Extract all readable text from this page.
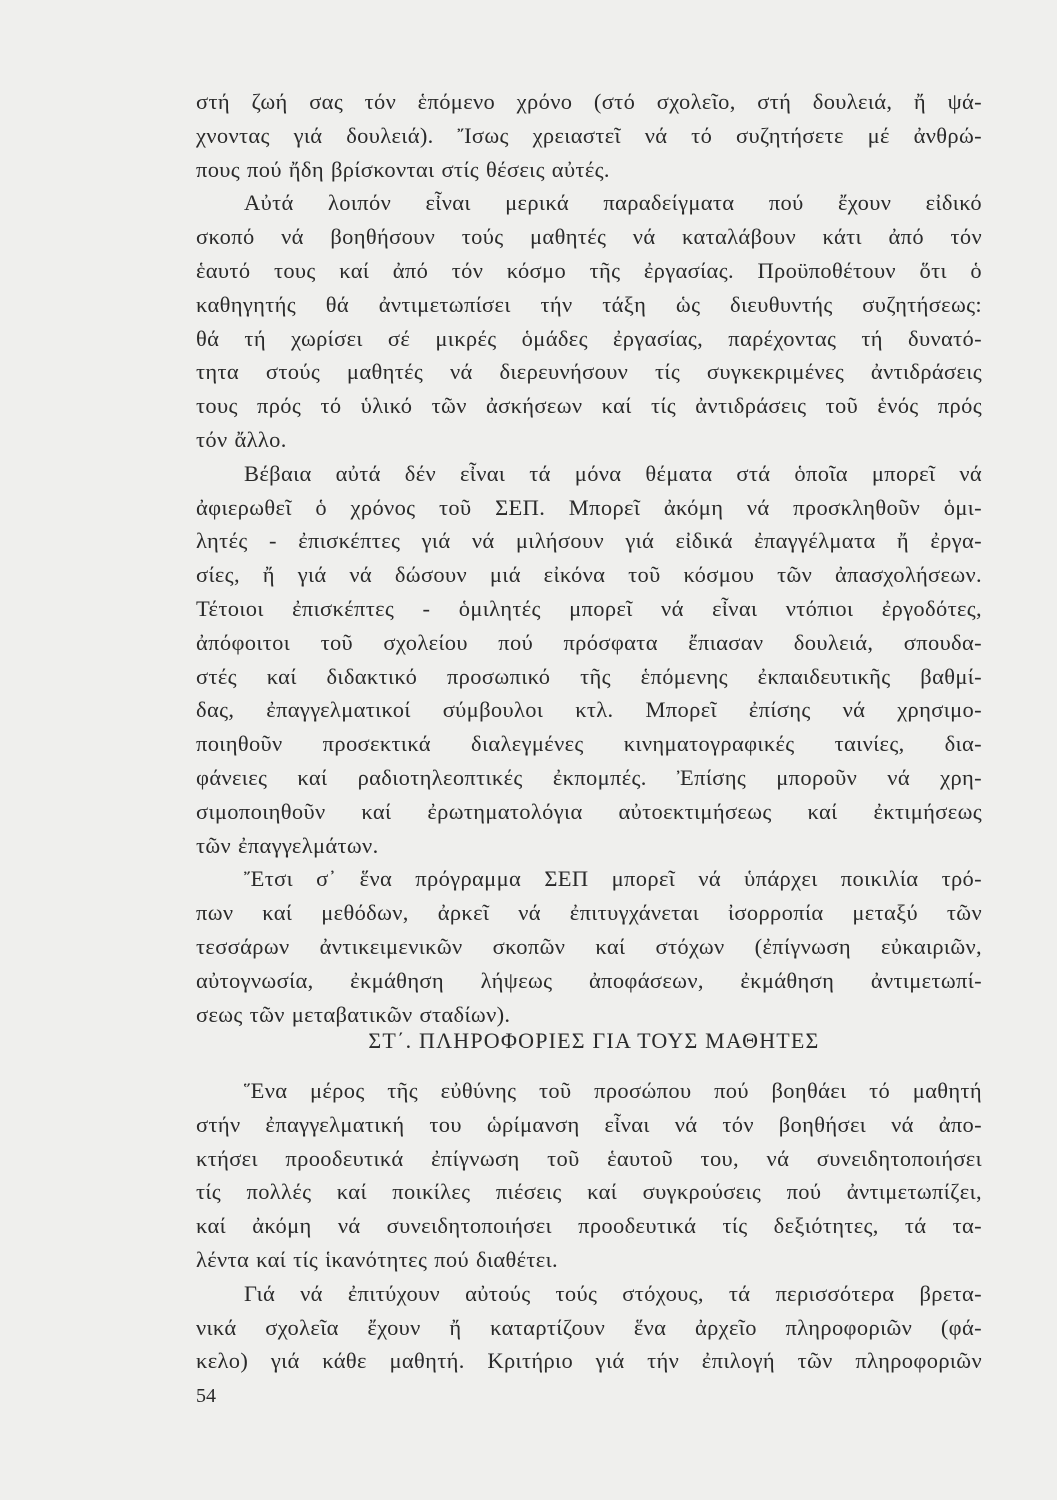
στή ζωή σας τόν ἑπόμενο χρόνο (στό σχολεῖο, στή δουλειά, ἤ ψά-
χνοντας γιά δουλειά). Ἴσως χρειαστεῖ νά τό συζητήσετε μέ ἀνθρώ-
πους πού ἤδη βρίσκονται στίς θέσεις αὐτές.
Αὐτά λοιπόν εἶναι μερικά παραδείγματα πού ἔχουν εἰδικό
σκοπό νά βοηθήσουν τούς μαθητές νά καταλάβουν κάτι ἀπό τόν
ἑαυτό τους καί ἀπό τόν κόσμο τῆς ἐργασίας. Προϋποθέτουν ὅτι ὁ
καθηγητής θά ἀντιμετωπίσει τήν τάξη ὡς διευθυντής συζητήσεως:
θά τή χωρίσει σέ μικρές ὁμάδες ἐργασίας, παρέχοντας τή δυνατό-
τητα στούς μαθητές νά διερευνήσουν τίς συγκεκριμένες ἀντιδράσεις
τους πρός τό ὑλικό τῶν ἀσκήσεων καί τίς ἀντιδράσεις τοῦ ἑνός πρός
τόν ἄλλο.
Βέβαια αὐτά δέν εἶναι τά μόνα θέματα στά ὁποῖα μπορεῖ νά
ἀφιερωθεῖ ὁ χρόνος τοῦ ΣΕΠ. Μπορεῖ ἀκόμη νά προσκληθοῦν ὁμι-
λητές - ἐπισκέπτες γιά νά μιλήσουν γιά εἰδικά ἐπαγγέλματα ἤ ἐργα-
σίες, ἤ γιά νά δώσουν μιά εἰκόνα τοῦ κόσμου τῶν ἀπασχολήσεων.
Τέτοιοι ἐπισκέπτες - ὁμιλητές μπορεῖ νά εἶναι ντόπιοι ἐργοδότες,
ἀπόφοιτοι τοῦ σχολείου πού πρόσφατα ἔπιασαν δουλειά, σπουδα-
στές καί διδακτικό προσωπικό τῆς ἑπόμενης ἐκπαιδευτικῆς βαθμί-
δας, ἐπαγγελματικοί σύμβουλοι κτλ. Μπορεῖ ἐπίσης νά χρησιμο-
ποιηθοῦν προσεκτικά διαλεγμένες κινηματογραφικές ταινίες, δια-
φάνειες καί ραδιοτηλεοπτικές ἐκπομπές. Ἐπίσης μποροῦν νά χρη-
σιμοποιηθοῦν καί ἐρωτηματολόγια αὐτοεκτιμήσεως καί ἐκτιμήσεως
τῶν ἐπαγγελμάτων.
Ἔτσι σ᾽ ἕνα πρόγραμμα ΣΕΠ μπορεῖ νά ὑπάρχει ποικιλία τρό-
πων καί μεθόδων, ἀρκεῖ νά ἐπιτυγχάνεται ἰσορροπία μεταξύ τῶν
τεσσάρων ἀντικειμενικῶν σκοπῶν καί στόχων (ἐπίγνωση εὐκαιριῶν,
αὐτογνωσία, ἐκμάθηση λήψεως ἀποφάσεων, ἐκμάθηση ἀντιμετωπί-
σεως τῶν μεταβατικῶν σταδίων).
ΣΤ΄. ΠΛΗΡΟΦΟΡΙΕΣ ΓΙΑ ΤΟΥΣ ΜΑΘΗΤΕΣ
Ἕνα μέρος τῆς εὐθύνης τοῦ προσώπου πού βοηθάει τό μαθητή
στήν ἐπαγγελματική του ὡρίμανση εἶναι νά τόν βοηθήσει νά ἀπο-
κτήσει προοδευτικά ἐπίγνωση τοῦ ἑαυτοῦ του, νά συνειδητοποιήσει
τίς πολλές καί ποικίλες πιέσεις καί συγκρούσεις πού ἀντιμετωπίζει,
καί ἀκόμη νά συνειδητοποιήσει προοδευτικά τίς δεξιότητες, τά τα-
λέντα καί τίς ἱκανότητες πού διαθέτει.
Γιά νά ἐπιτύχουν αὐτούς τούς στόχους, τά περισσότερα βρετα-
νικά σχολεῖα ἔχουν ἤ καταρτίζουν ἕνα ἀρχεῖο πληροφοριῶν (φά-
κελο) γιά κάθε μαθητή. Κριτήριο γιά τήν ἐπιλογή τῶν πληροφοριῶν
54
